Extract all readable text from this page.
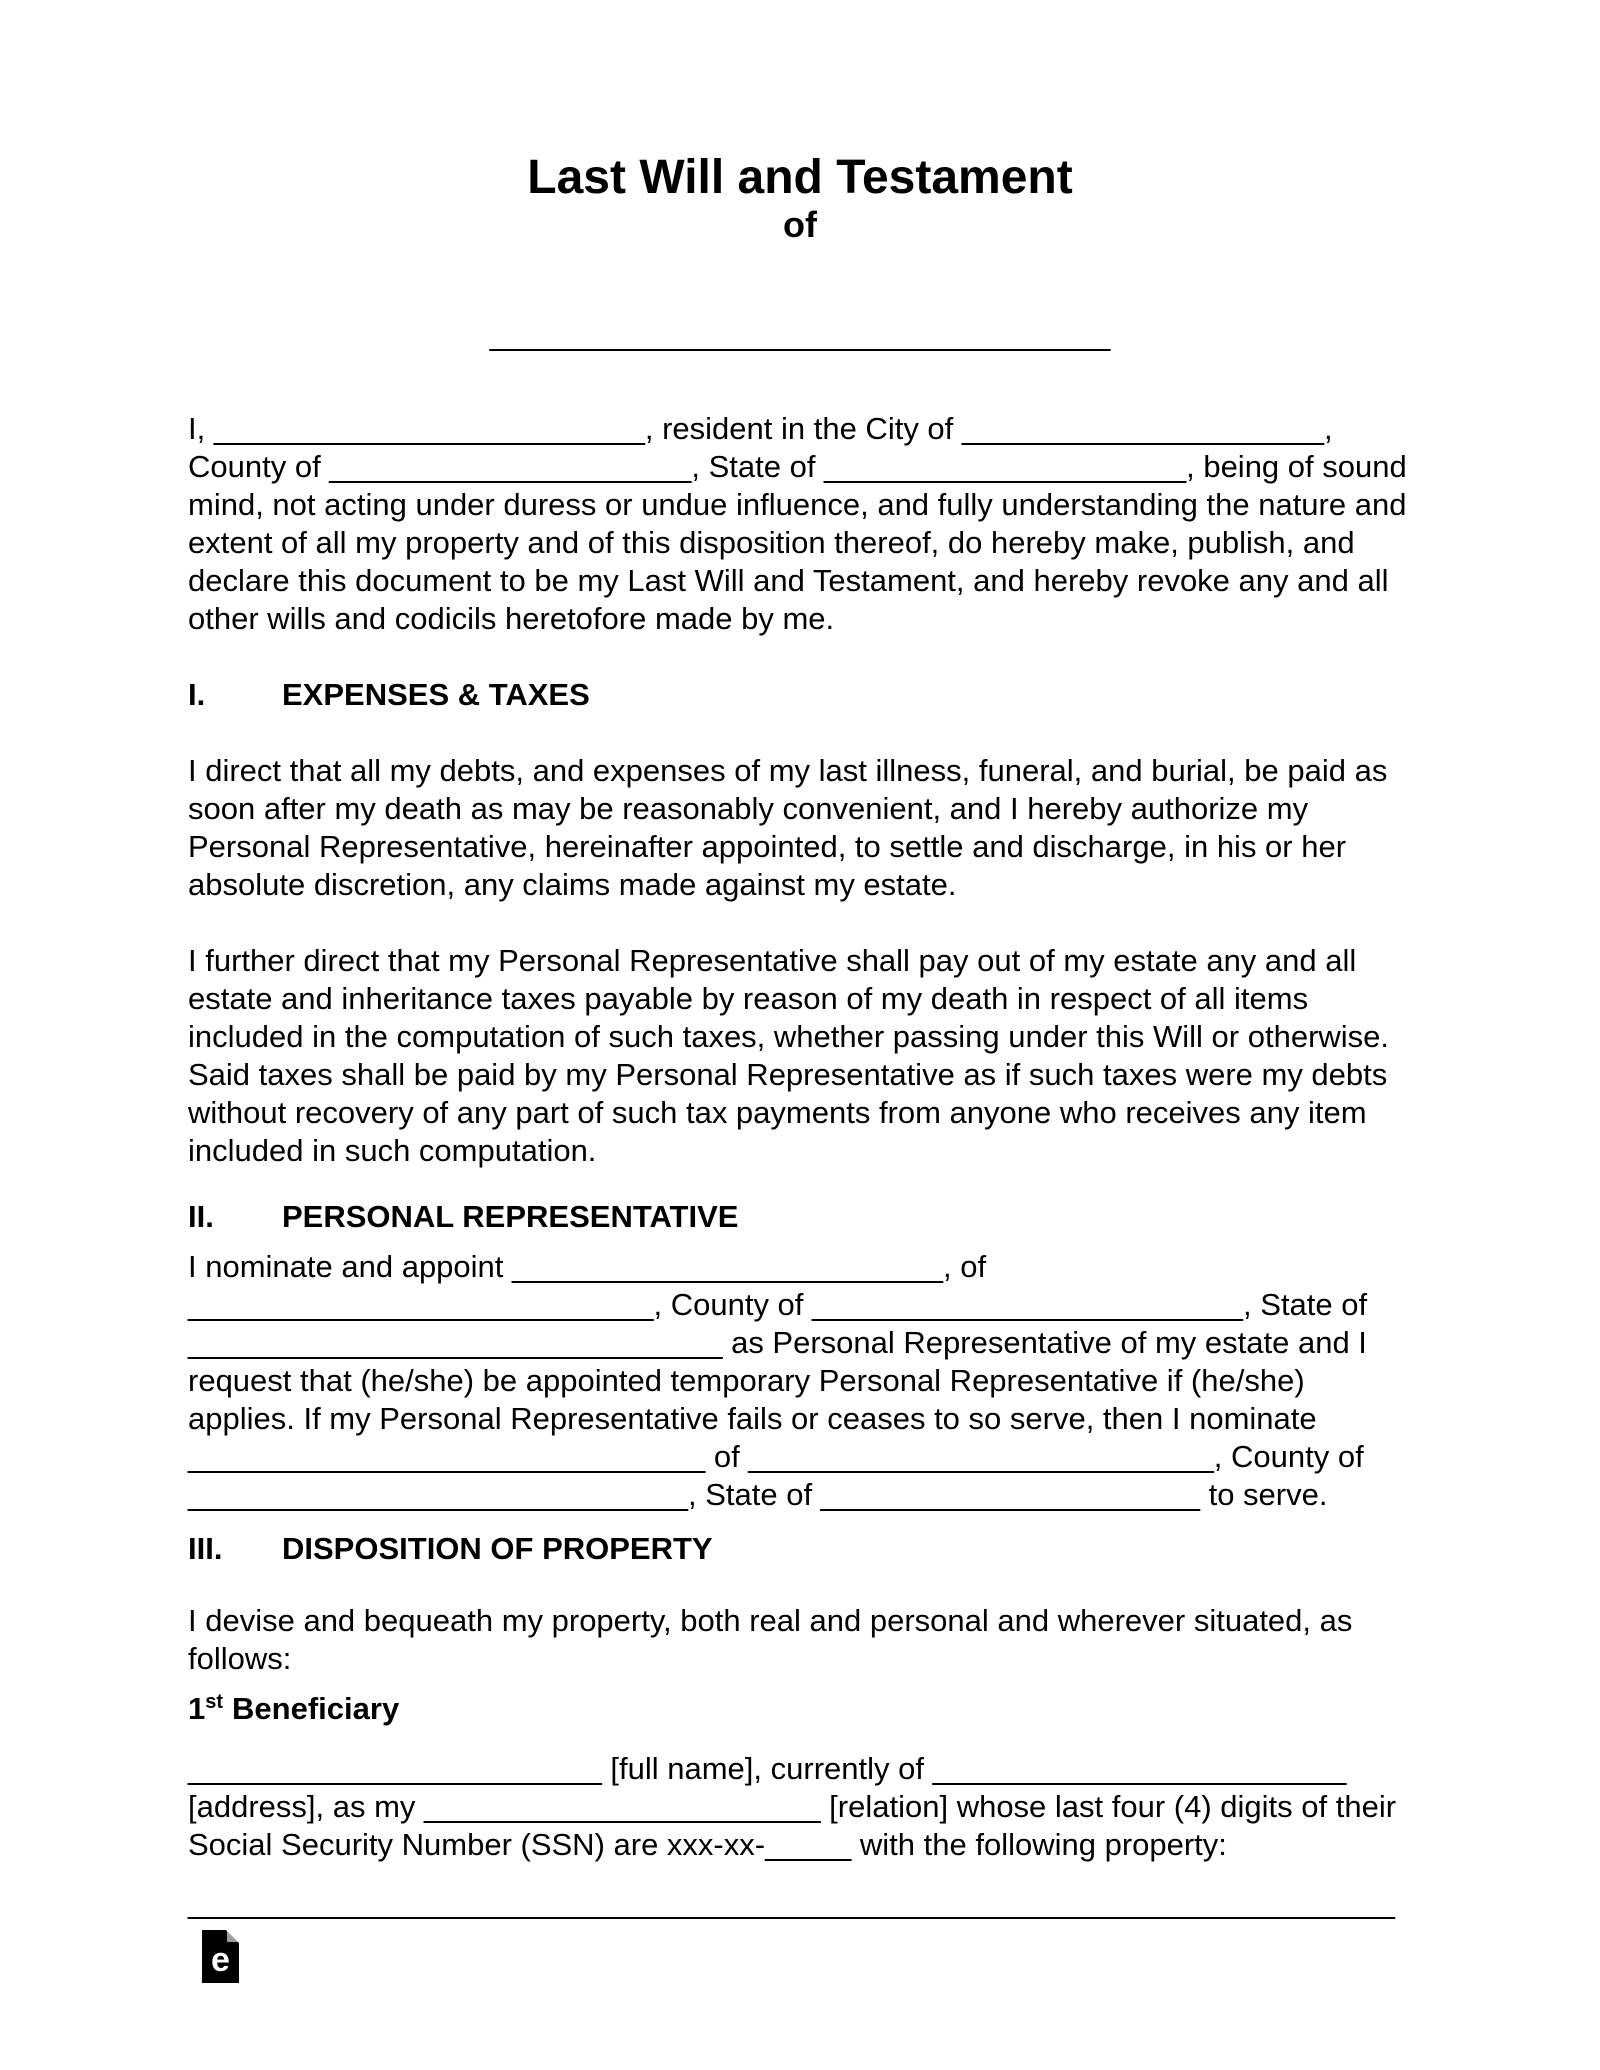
Last Will and Testament
of
____________________________________

I, _________________________, resident in the City of _____________________, County of _____________________, State of _____________________, being of sound mind, not acting under duress or undue influence, and fully understanding the nature and extent of all my property and of this disposition thereof, do hereby make, publish, and declare this document to be my Last Will and Testament, and hereby revoke any and all other wills and codicils heretofore made by me.

I. EXPENSES & TAXES

I direct that all my debts, and expenses of my last illness, funeral, and burial, be paid as soon after my death as may be reasonably convenient, and I hereby authorize my Personal Representative, hereinafter appointed, to settle and discharge, in his or her absolute discretion, any claims made against my estate.

I further direct that my Personal Representative shall pay out of my estate any and all estate and inheritance taxes payable by reason of my death in respect of all items included in the computation of such taxes, whether passing under this Will or otherwise. Said taxes shall be paid by my Personal Representative as if such taxes were my debts without recovery of any part of such tax payments from anyone who receives any item included in such computation.

II. PERSONAL REPRESENTATIVE

I nominate and appoint _________________________, of ___________________________, County of _________________________, State of _______________________________ as Personal Representative of my estate and I request that (he/she) be appointed temporary Personal Representative if (he/she) applies. If my Personal Representative fails or ceases to so serve, then I nominate ______________________________ of ___________________________, County of _____________________________, State of ______________________ to serve.

III. DISPOSITION OF PROPERTY

I devise and bequeath my property, both real and personal and wherever situated, as follows:

1st Beneficiary

________________________ [full name], currently of ________________________ [address], as my _______________________ [relation] whose last four (4) digits of their Social Security Number (SSN) are xxx-xx-_____ with the following property:

______________________________________________________________________
e
